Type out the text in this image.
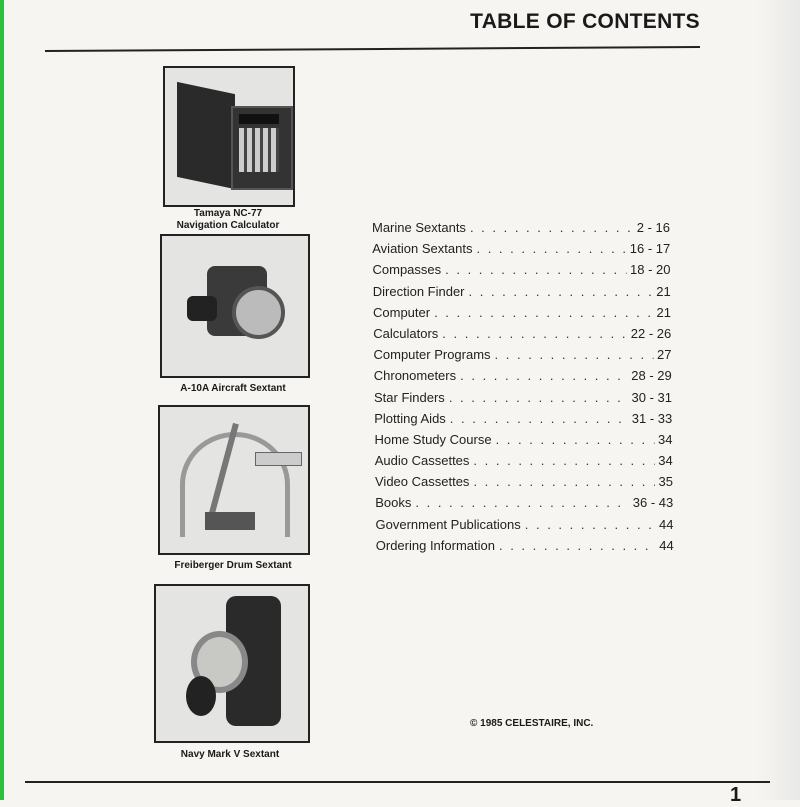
TABLE OF CONTENTS
Tamaya NC-77
Navigation Calculator
A-10A Aircraft Sextant
Freiberger Drum Sextant
Navy Mark V Sextant
Marine Sextants . . .	2 - 16
Aviation Sextants . . .	16 - 17
Compasses . . .	18 - 20
Direction Finder . . .	21
Computer . . .	21
Calculators . . .	22 - 26
Computer Programs . . .	27
Chronometers . . .	28 - 29
Star Finders . . .	30 - 31
Plotting Aids . . .	31 - 33
Home Study Course . . .	34
Audio Cassettes . . .	34
Video Cassettes . . .	35
Books . . .	36 - 43
Government Publications . . .	44
Ordering Information . . .	44
© 1985 CELESTAIRE, INC.
1
